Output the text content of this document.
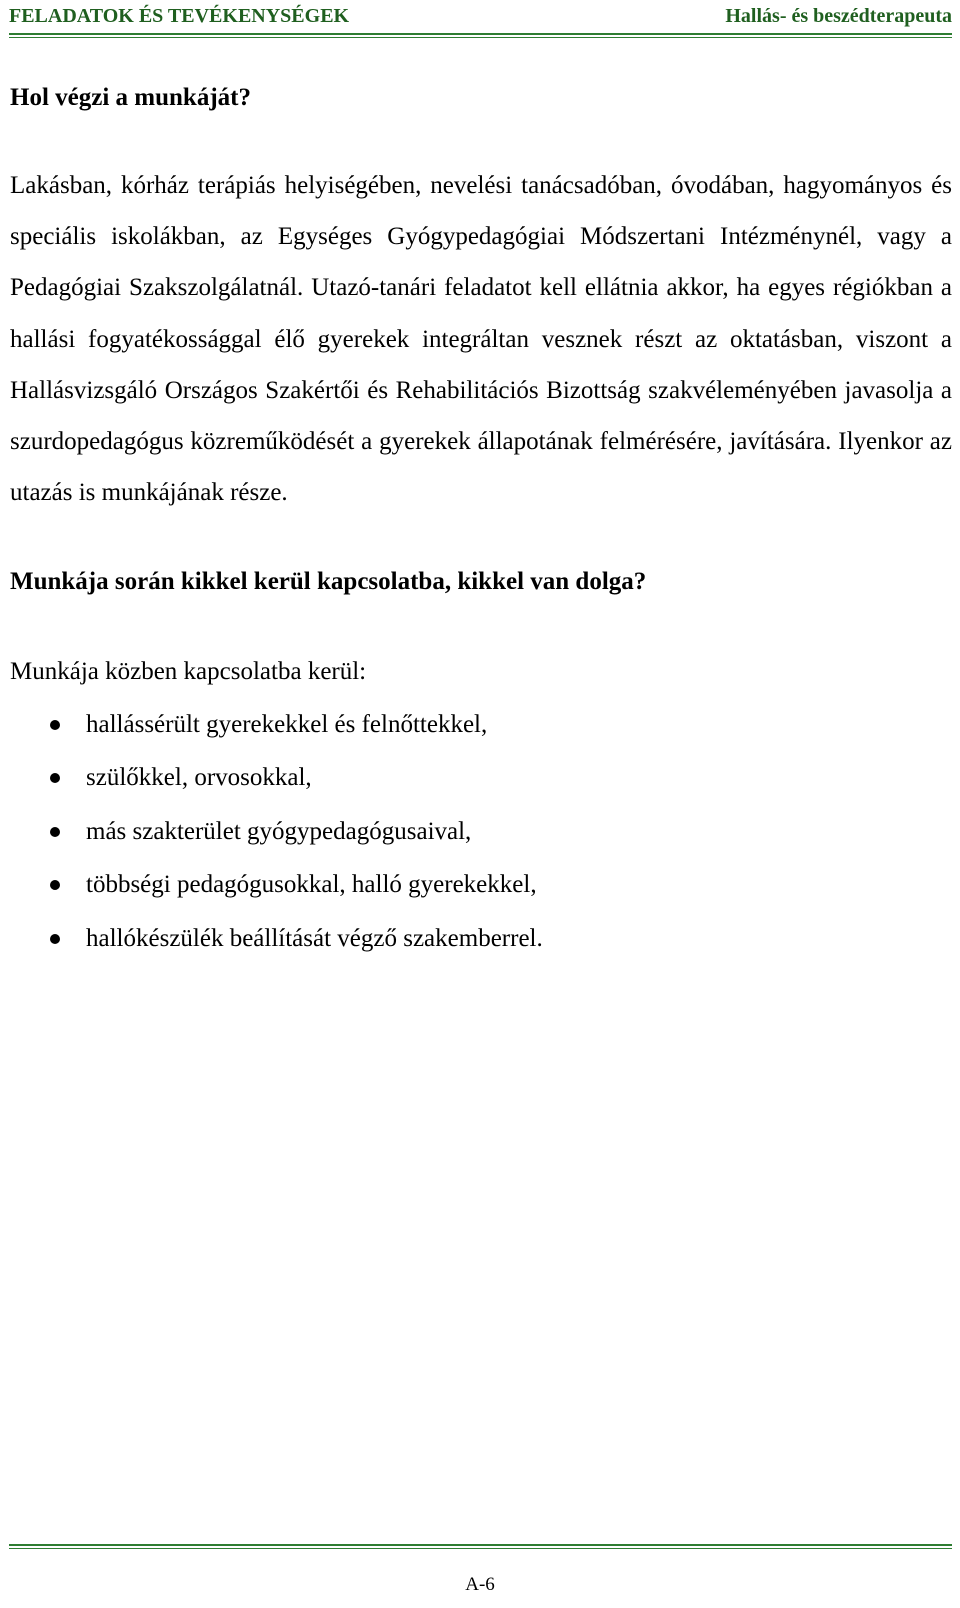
FELADATOK ÉS TEVÉKENYSÉGEK	Hallás- és beszédterapeuta
Hol végzi a munkáját?

Lakásban, kórház terápiás helyiségében, nevelési tanácsadóban, óvodában, hagyományos és speciális iskolákban, az Egységes Gyógypedagógiai Módszertani Intézménynél, vagy a Pedagógiai Szakszolgálatnál. Utazó-tanári feladatot kell ellátnia akkor, ha egyes régiókban a hallási fogyatékossággal élő gyerekek integráltan vesznek részt az oktatásban, viszont a Hallásvizsgáló Országos Szakértői és Rehabilitációs Bizottság szakvéleményében javasolja a szurdopedagógus közreműködését a gyerekek állapotának felmérésére, javítására. Ilyenkor az utazás is munkájának része.

Munkája során kikkel kerül kapcsolatba, kikkel van dolga?

Munkája közben kapcsolatba kerül:

hallássérült gyerekekkel és felnőttekkel,
szülőkkel, orvosokkal,
más szakterület gyógypedagógusaival,
többségi pedagógusokkal, halló gyerekekkel,
hallókészülék beállítását végző szakemberrel.
A-6
